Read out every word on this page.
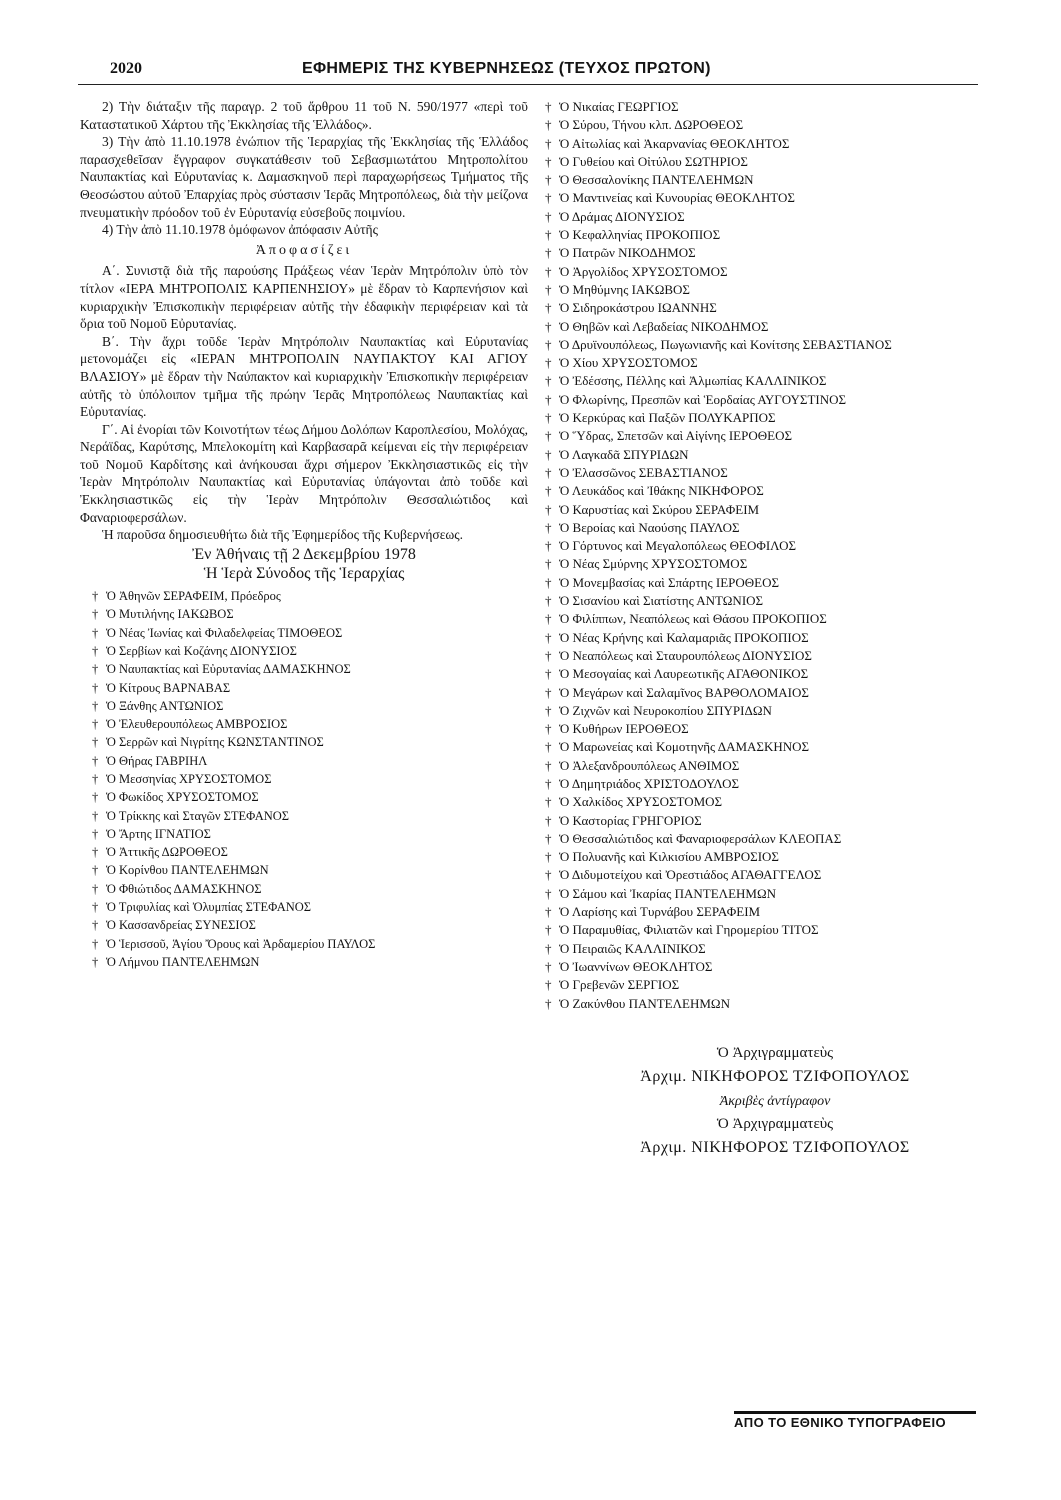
2020	ΕΦΗΜΕΡΙΣ ΤΗΣ ΚΥΒΕΡΝΗΣΕΩΣ (ΤΕΥΧΟΣ ΠΡΩΤΟΝ)

2) Τὴν διάταξιν τῆς παραγρ. 2 τοῦ ἄρθρου 11 τοῦ Ν. 590/1977 «περὶ τοῦ Καταστατικοῦ Χάρτου τῆς Ἐκκλησίας τῆς Ἑλλάδος».

3) Τὴν ἀπὸ 11.10.1978 ἐνώπιον τῆς Ἱεραρχίας τῆς Ἐκκλησίας τῆς Ἑλλάδος παρασχεθεῖσαν ἔγγραφον συγκατάθεσιν τοῦ Σεβασμιωτάτου Μητροπολίτου Ναυπακτίας καὶ Εὐρυτανίας κ. Δαμασκηνοῦ περὶ παραχωρήσεως Τμήματος τῆς Θεοσώστου αὐτοῦ Ἐπαρχίας πρὸς σύστασιν Ἱερᾶς Μητροπόλεως, διὰ τὴν μείζονα πνευματικὴν πρόοδον τοῦ ἐν Εὐρυτανίᾳ εὐσεβοῦς ποιμνίου.

4) Τὴν ἀπὸ 11.10.1978 ὁμόφωνον ἀπόφασιν Αὐτῆς

Ἀποφασίζει

Α΄. Συνιστᾷ διὰ τῆς παρούσης Πράξεως νέαν Ἱερὰν Μητρόπολιν ὑπὸ τὸν τίτλον «ΙΕΡΑ ΜΗΤΡΟΠΟΛΙΣ ΚΑΡΠΕΝΗΣΙΟΥ» μὲ ἕδραν τὸ Καρπενήσιον καὶ κυριαρχικὴν Ἐπισκοπικὴν περιφέρειαν αὐτῆς τὴν ἐδαφικὴν περιφέρειαν καὶ τὰ ὅρια τοῦ Νομοῦ Εὐρυτανίας.

Β΄. Τὴν ἄχρι τοῦδε Ἱερὰν Μητρόπολιν Ναυπακτίας καὶ Εὐρυτανίας μετονομάζει εἰς «ΙΕΡΑΝ ΜΗΤΡΟΠΟΛΙΝ ΝΑΥΠΑΚΤΟΥ ΚΑΙ ΑΓΙΟΥ ΒΛΑΣΙΟΥ» μὲ ἕδραν τὴν Ναύπακτον καὶ κυριαρχικὴν Ἐπισκοπικὴν περιφέρειαν αὐτῆς τὸ ὑπόλοιπον τμῆμα τῆς πρώην Ἱερᾶς Μητροπόλεως Ναυπακτίας καὶ Εὐρυτανίας.

Γ΄. Αἱ ἐνορίαι τῶν Κοινοτήτων τέως Δήμου Δολόπων Καροπλεσίου, Μολόχας, Νεράϊδας, Καρύτσης, Μπελοκομίτη καὶ Καρβασαρᾶ κείμεναι εἰς τὴν περιφέρειαν τοῦ Νομοῦ Καρδίτσης καὶ ἀνήκουσαι ἄχρι σήμερον Ἐκκλησιαστικῶς εἰς τὴν Ἱερὰν Μητρόπολιν Ναυπακτίας καὶ Εὐρυτανίας ὑπάγονται ἀπὸ τοῦδε καὶ Ἐκκλησιαστικῶς εἰς τὴν Ἱερὰν Μητρόπολιν Θεσσαλιώτιδος καὶ Φαναριοφερσάλων.

Ἡ παροῦσα δημοσιευθήτω διὰ τῆς Ἐφημερίδος τῆς Κυβερνήσεως.

Ἐν Ἀθήναις τῇ 2 Δεκεμβρίου 1978

Ἡ Ἱερὰ Σύνοδος τῆς Ἱεραρχίας

† Ὁ Ἀθηνῶν ΣΕΡΑΦΕΙΜ, Πρόεδρος
† Ὁ Μυτιλήνης ΙΑΚΩΒΟΣ
† Ὁ Νέας Ἰωνίας καὶ Φιλαδελφείας ΤΙΜΟΘΕΟΣ
† Ὁ Σερβίων καὶ Κοζάνης ΔΙΟΝΥΣΙΟΣ
† Ὁ Ναυπακτίας καὶ Εὐρυτανίας ΔΑΜΑΣΚΗΝΟΣ
† Ὁ Κίτρους ΒΑΡΝΑΒΑΣ
† Ὁ Ξάνθης ΑΝΤΩΝΙΟΣ
† Ὁ Ἐλευθερουπόλεως ΑΜΒΡΟΣΙΟΣ
† Ὁ Σερρῶν καὶ Νιγρίτης ΚΩΝΣΤΑΝΤΙΝΟΣ
† Ὁ Θήρας ΓΑΒΡΙΗΛ
† Ὁ Μεσσηνίας ΧΡΥΣΟΣΤΟΜΟΣ
† Ὁ Φωκίδος ΧΡΥΣΟΣΤΟΜΟΣ
† Ὁ Τρίκκης καὶ Σταγῶν ΣΤΕΦΑΝΟΣ
† Ὁ Ἄρτης ΙΓΝΑΤΙΟΣ
† Ὁ Ἀττικῆς ΔΩΡΟΘΕΟΣ
† Ὁ Κορίνθου ΠΑΝΤΕΛΕΗΜΩΝ
† Ὁ Φθιώτιδος ΔΑΜΑΣΚΗΝΟΣ
† Ὁ Τριφυλίας καὶ Ὀλυμπίας ΣΤΕΦΑΝΟΣ
† Ὁ Κασσανδρείας ΣΥΝΕΣΙΟΣ
† Ὁ Ἱερισσοῦ, Ἁγίου Ὄρους καὶ Ἀρδαμερίου ΠΑΥΛΟΣ
† Ὁ Λήμνου ΠΑΝΤΕΛΕΗΜΩΝ
† Ὁ Νικαίας ΓΕΩΡΓΙΟΣ
† Ὁ Σύρου, Τήνου κλπ. ΔΩΡΟΘΕΟΣ
† Ὁ Αἰτωλίας καὶ Ἀκαρνανίας ΘΕΟΚΛΗΤΟΣ
† Ὁ Γυθείου καὶ Οἰτύλου ΣΩΤΗΡΙΟΣ
† Ὁ Θεσσαλονίκης ΠΑΝΤΕΛΕΗΜΩΝ
† Ὁ Μαντινείας καὶ Κυνουρίας ΘΕΟΚΛΗΤΟΣ
† Ὁ Δράμας ΔΙΟΝΥΣΙΟΣ
† Ὁ Κεφαλληνίας ΠΡΟΚΟΠΙΟΣ
† Ὁ Πατρῶν ΝΙΚΟΔΗΜΟΣ
† Ὁ Ἀργολίδος ΧΡΥΣΟΣΤΟΜΟΣ
† Ὁ Μηθύμνης ΙΑΚΩΒΟΣ
† Ὁ Σιδηροκάστρου ΙΩΑΝΝΗΣ
† Ὁ Θηβῶν καὶ Λεβαδείας ΝΙΚΟΔΗΜΟΣ
† Ὁ Δρυϊνουπόλεως, Πωγωνιανῆς καὶ Κονίτσης ΣΕΒΑΣΤΙΑΝΟΣ
† Ὁ Χίου ΧΡΥΣΟΣΤΟΜΟΣ
† Ὁ Ἐδέσσης, Πέλλης καὶ Ἀλμωπίας ΚΑΛΛΙΝΙΚΟΣ
† Ὁ Φλωρίνης, Πρεσπῶν καὶ Ἑορδαίας ΑΥΓΟΥΣΤΙΝΟΣ
† Ὁ Κερκύρας καὶ Παξῶν ΠΟΛΥΚΑΡΠΟΣ
† Ὁ Ὕδρας, Σπετσῶν καὶ Αἰγίνης ΙΕΡΟΘΕΟΣ
† Ὁ Λαγκαδᾶ ΣΠΥΡΙΔΩΝ
† Ὁ Ἐλασσῶνος ΣΕΒΑΣΤΙΑΝΟΣ
† Ὁ Λευκάδος καὶ Ἰθάκης ΝΙΚΗΦΟΡΟΣ
† Ὁ Καρυστίας καὶ Σκύρου ΣΕΡΑΦΕΙΜ
† Ὁ Βεροίας καὶ Ναούσης ΠΑΥΛΟΣ
† Ὁ Γόρτυνος καὶ Μεγαλοπόλεως ΘΕΟΦΙΛΟΣ
† Ὁ Νέας Σμύρνης ΧΡΥΣΟΣΤΟΜΟΣ
† Ὁ Μονεμβασίας καὶ Σπάρτης ΙΕΡΟΘΕΟΣ
† Ὁ Σισανίου καὶ Σιατίστης ΑΝΤΩΝΙΟΣ
† Ὁ Φιλίππων, Νεαπόλεως καὶ Θάσου ΠΡΟΚΟΠΙΟΣ
† Ὁ Νέας Κρήνης καὶ Καλαμαριᾶς ΠΡΟΚΟΠΙΟΣ
† Ὁ Νεαπόλεως καὶ Σταυρουπόλεως ΔΙΟΝΥΣΙΟΣ
† Ὁ Μεσογαίας καὶ Λαυρεωτικῆς ΑΓΑΘΟΝΙΚΟΣ
† Ὁ Μεγάρων καὶ Σαλαμῖνος ΒΑΡΘΟΛΟΜΑΙΟΣ
† Ὁ Ζιχνῶν καὶ Νευροκοπίου ΣΠΥΡΙΔΩΝ
† Ὁ Κυθήρων ΙΕΡΟΘΕΟΣ
† Ὁ Μαρωνείας καὶ Κομοτηνῆς ΔΑΜΑΣΚΗΝΟΣ
† Ὁ Ἀλεξανδρουπόλεως ΑΝΘΙΜΟΣ
† Ὁ Δημητριάδος ΧΡΙΣΤΟΔΟΥΛΟΣ
† Ὁ Χαλκίδος ΧΡΥΣΟΣΤΟΜΟΣ
† Ὁ Καστορίας ΓΡΗΓΟΡΙΟΣ
† Ὁ Θεσσαλιώτιδος καὶ Φαναριοφερσάλων ΚΛΕΟΠΑΣ
† Ὁ Πολυανῆς καὶ Κιλκισίου ΑΜΒΡΟΣΙΟΣ
† Ὁ Διδυμοτείχου καὶ Ὀρεστιάδος ΑΓΑΘΑΓΓΕΛΟΣ
† Ὁ Σάμου καὶ Ἰκαρίας ΠΑΝΤΕΛΕΗΜΩΝ
† Ὁ Λαρίσης καὶ Τυρνάβου ΣΕΡΑΦΕΙΜ
† Ὁ Παραμυθίας, Φιλιατῶν καὶ Γηρομερίου ΤΙΤΟΣ
† Ὁ Πειραιῶς ΚΑΛΛΙΝΙΚΟΣ
† Ὁ Ἰωαννίνων ΘΕΟΚΛΗΤΟΣ
† Ὁ Γρεβενῶν ΣΕΡΓΙΟΣ
† Ὁ Ζακύνθου ΠΑΝΤΕΛΕΗΜΩΝ

Ὁ Ἀρχιγραμματεὺς

Ἀρχιμ. ΝΙΚΗΦΟΡΟΣ ΤΖΙΦΟΠΟΥΛΟΣ

Ἀκριβὲς ἀντίγραφον

Ὁ Ἀρχιγραμματεὺς

Ἀρχιμ. ΝΙΚΗΦΟΡΟΣ ΤΖΙΦΟΠΟΥΛΟΣ

ΑΠΟ ΤΟ ΕΘΝΙΚΟ ΤΥΠΟΓΡΑΦΕΙΟ
